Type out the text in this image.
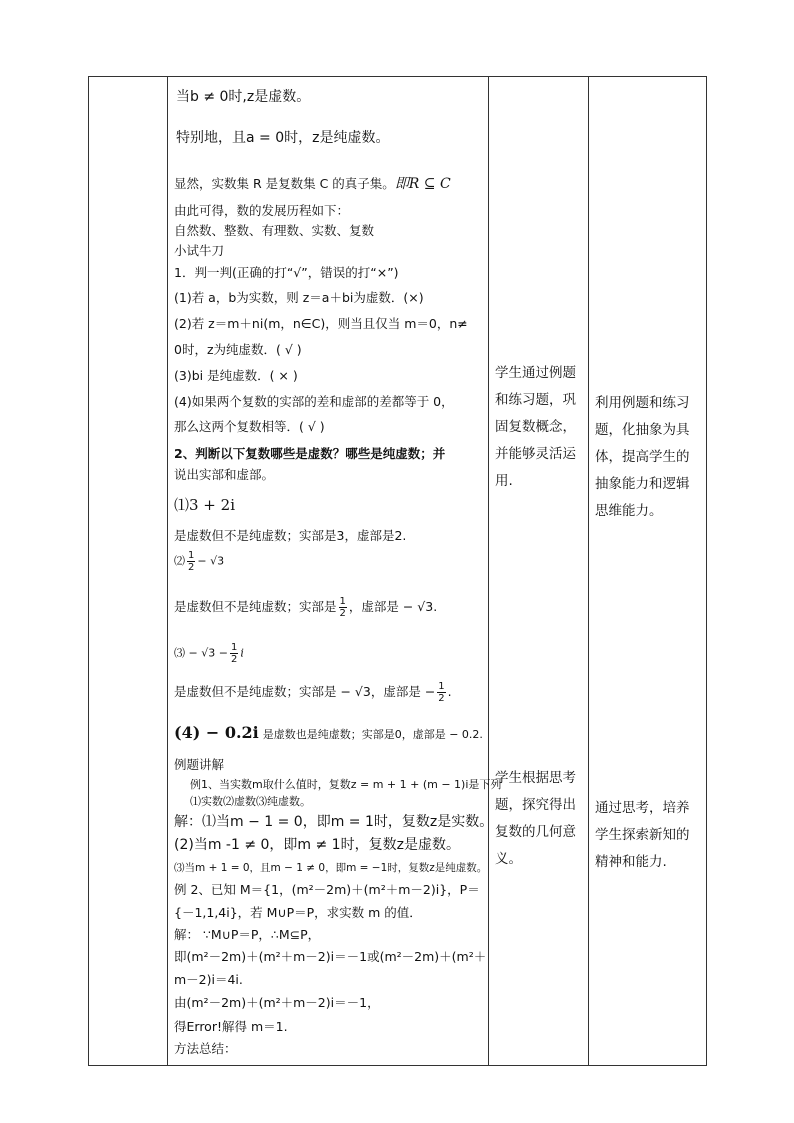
当b ≠ 0时,z是虚数。
特别地，且a = 0时，z是纯虚数。
显然，实数集 R 是复数集 C 的真子集。即R ⊆ C
由此可得，数的发展历程如下：
自然数、整数、有理数、实数、复数
小试牛刀
1．判一判(正确的打“√”，错误的打“×”)
(1)若 a，b为实数，则 z＝a＋bi为虚数．(×)
(2)若 z＝m＋ni(m，n∈C)，则当且仅当 m＝0，n≠
0时，z为纯虚数．( √ )
(3)bi 是纯虚数．( × )
(4)如果两个复数的实部的差和虚部的差都等于 0，
那么这两个复数相等．( √ )
2、判断以下复数哪些是虚数？哪些是纯虚数；并
说出实部和虚部。
⑴3 + 2i
是虚数但不是纯虚数；实部是3，虚部是2.
⑵ $\frac{1}{2} - √3$
是虚数但不是纯虚数；实部是 $\frac{1}{2}$ ，虚部是 − √3.
⑶ − $√3 - \frac{1}{2}$ i
是虚数但不是纯虚数；实部是 − √3，虚部是 − $\frac{1}{2}$ .
(4) − 0.2i 是虚数也是纯虚数；实部是0，虚部是 − 0.2.
例题讲解
例1、当实数m取什么值时，复数z = m + 1 + (m − 1)i是下列
⑴实数⑵虚数⑶纯虚数。
解：⑴当m − 1 = 0，即m = 1时，复数z是实数。
(2)当m -1 ≠ 0，即m ≠ 1时，复数z是虚数。
⑶当m + 1 = 0，且m − 1 ≠ 0，即m = −1时，复数z是纯虚数。
例 2、已知 M＝{1，(m²－2m)＋(m²＋m－2)i}，P＝
{－1,1,4i}，若 M∪P＝P，求实数 m 的值．
解： ∵M∪P＝P，∴M⊆P，
即(m²－2m)＋(m²＋m－2)i＝－1或(m²－2m)＋(m²＋
m－2)i＝4i.
由(m²－2m)＋(m²＋m－2)i＝－1，
得Error!解得 m＝1.
方法总结：
学生通过例题和练习题，巩固复数概念，并能够灵活运用.
学生根据思考题，探究得出复数的几何意义。
利用例题和练习题，化抽象为具体，提高学生的抽象能力和逻辑思维能力。
通过思考，培养学生探索新知的精神和能力.
